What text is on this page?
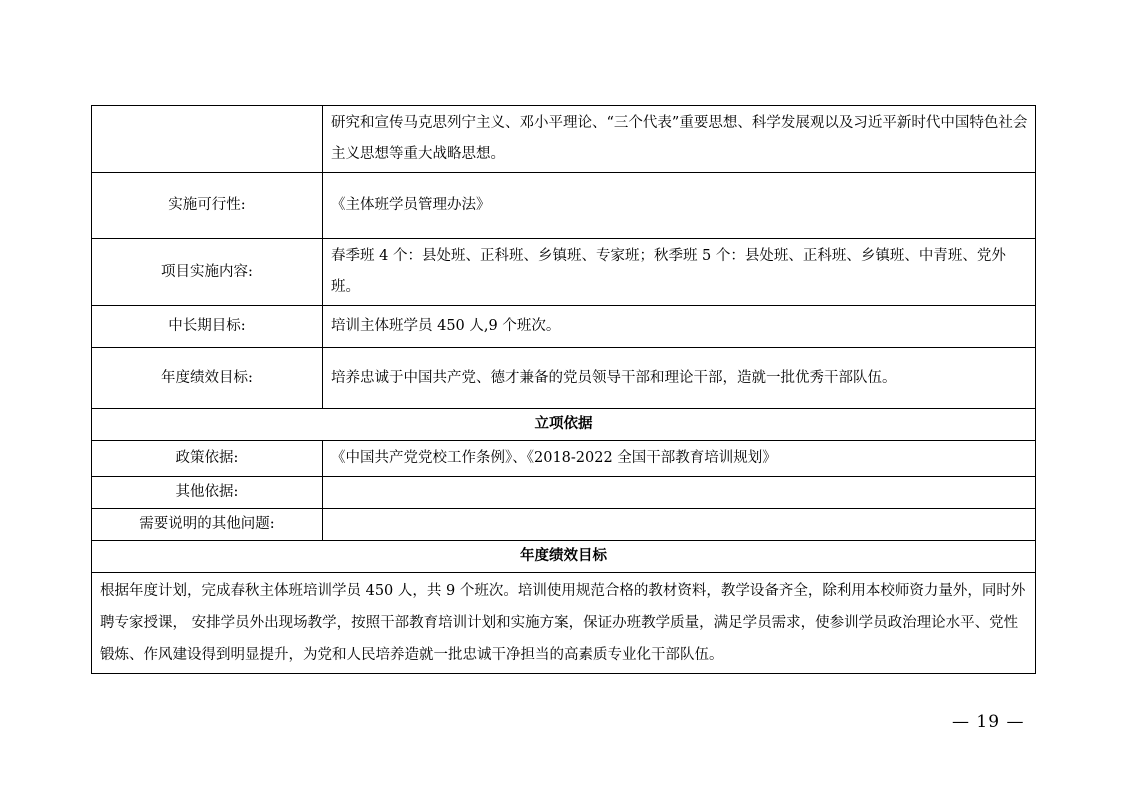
	研究和宣传马克思列宁主义、邓小平理论、“三个代表”重要思想、科学发展观以及习近平新时代中国特色社会主义思想等重大战略思想。
实施可行性:	《主体班学员管理办法》
项目实施内容:	春季班 4 个：县处班、正科班、乡镇班、专家班；秋季班 5 个：县处班、正科班、乡镇班、中青班、党外班。
中长期目标:	培训主体班学员 450 人,9 个班次。
年度绩效目标:	培养忠诚于中国共产党、德才兼备的党员领导干部和理论干部，造就一批优秀干部队伍。
立项依据	
政策依据:	《中国共产党党校工作条例》、《2018-2022 全国干部教育培训规划》
其他依据:	
需要说明的其他问题:	
年度绩效目标	
根据年度计划，完成春秋主体班培训学员 450 人，共 9 个班次。培训使用规范合格的教材资料，教学设备齐全，除利用本校师资力量外，同时外聘专家授课， 安排学员外出现场教学，按照干部教育培训计划和实施方案，保证办班教学质量，满足学员需求，使参训学员政治理论水平、党性锻炼、作风建设得到明显提升，为党和人民培养造就一批忠诚干净担当的高素质专业化干部队伍。	
— 19 —
